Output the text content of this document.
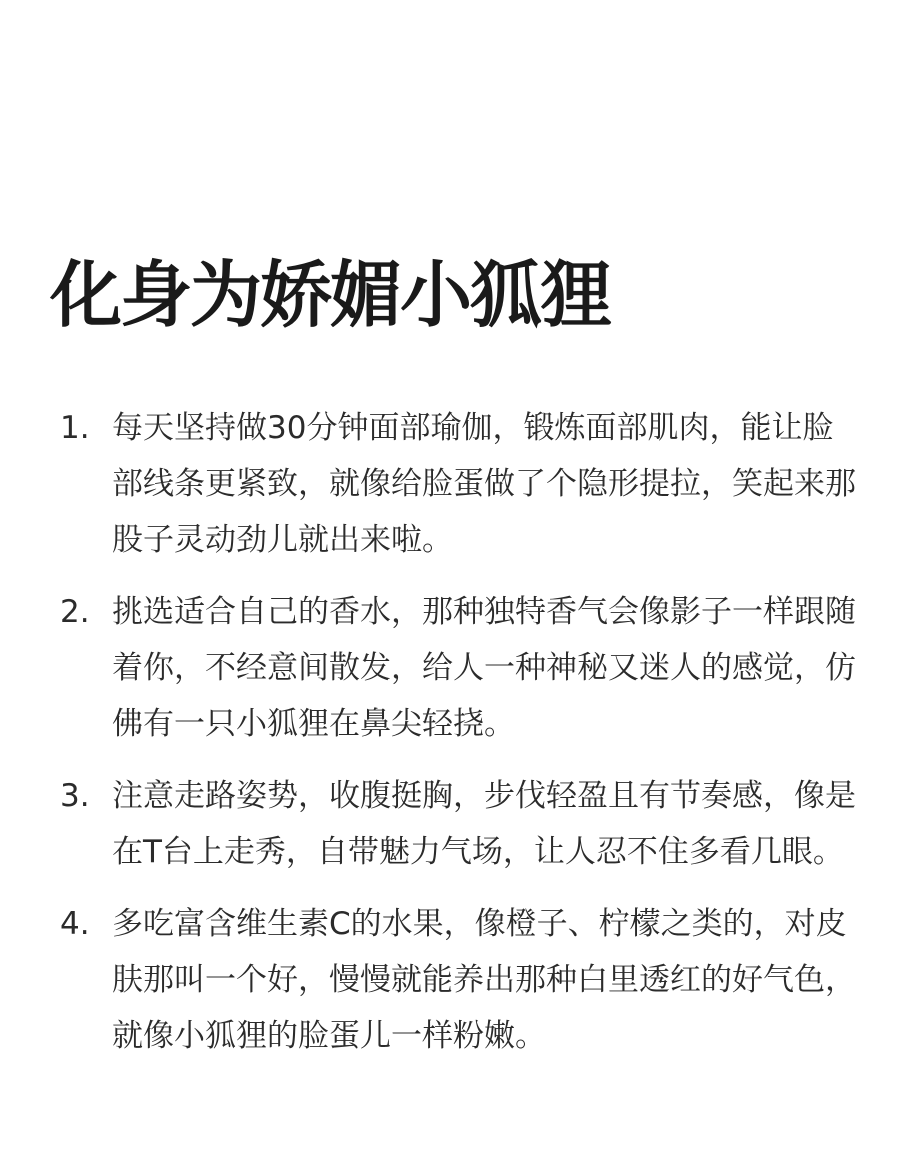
化身为娇媚小狐狸
1. 每天坚持做30分钟面部瑜伽，锻炼面部肌肉，能让脸部线条更紧致，就像给脸蛋做了个隐形提拉，笑起来那股子灵动劲儿就出来啦。
2. 挑选适合自己的香水，那种独特香气会像影子一样跟随着你，不经意间散发，给人一种神秘又迷人的感觉，仿佛有一只小狐狸在鼻尖轻挠。
3. 注意走路姿势，收腹挺胸，步伐轻盈且有节奏感，像是在T台上走秀，自带魅力气场，让人忍不住多看几眼。
4. 多吃富含维生素C的水果，像橙子、柠檬之类的，对皮肤那叫一个好，慢慢就能养出那种白里透红的好气色，就像小狐狸的脸蛋儿一样粉嫩。
